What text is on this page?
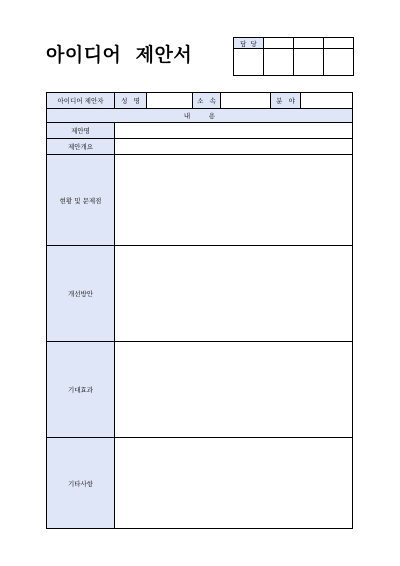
아이디어  제안서
담  당			

아이디어 제안자	성   명		소   속		분   야	
내         용						
제안명						
제안개요						
현황 및 문제점						
개선방안						
기대효과						
기타사항						
